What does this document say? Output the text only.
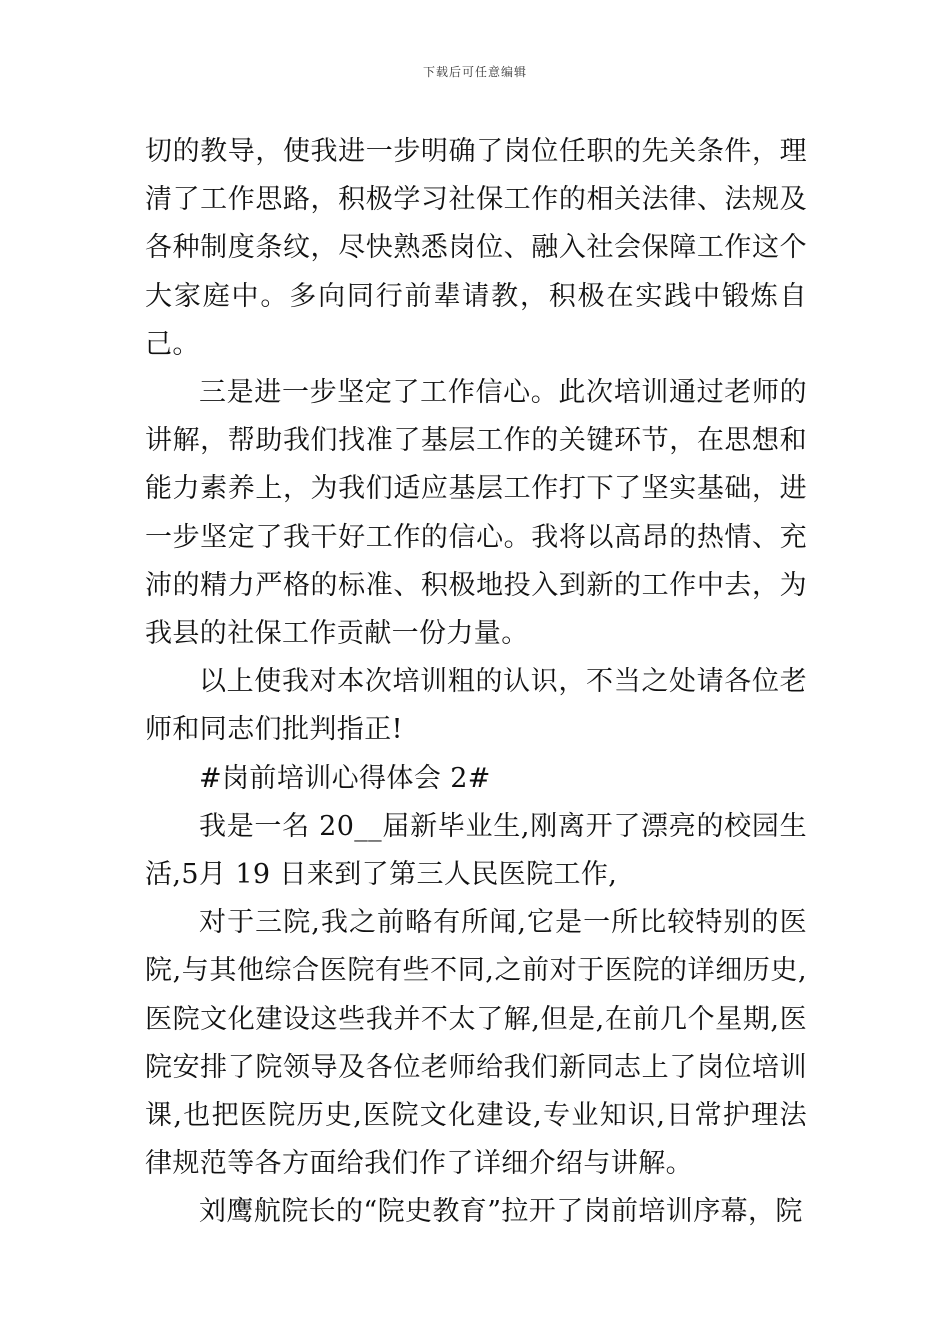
下载后可任意编辑

切的教导，使我进一步明确了岗位任职的先关条件，理清了工作思路，积极学习社保工作的相关法律、法规及各种制度条纹，尽快熟悉岗位、融入社会保障工作这个大家庭中。多向同行前辈请教，积极在实践中锻炼自己。

三是进一步坚定了工作信心。此次培训通过老师的讲解，帮助我们找准了基层工作的关键环节，在思想和能力素养上，为我们适应基层工作打下了坚实基础，进一步坚定了我干好工作的信心。我将以高昂的热情、充沛的精力严格的标准、积极地投入到新的工作中去，为我县的社保工作贡献一份力量。

以上使我对本次培训粗的认识，不当之处请各位老师和同志们批判指正!

#岗前培训心得体会 2#

我是一名 20__届新毕业生,刚离开了漂亮的校园生活,5月 19 日来到了第三人民医院工作,

对于三院,我之前略有所闻,它是一所比较特别的医院,与其他综合医院有些不同,之前对于医院的详细历史,医院文化建设这些我并不太了解,但是,在前几个星期,医院安排了院领导及各位老师给我们新同志上了岗位培训课,也把医院历史,医院文化建设,专业知识,日常护理法律规范等各方面给我们作了详细介绍与讲解。

刘鹰航院长的“院史教育”拉开了岗前培训序幕，院
